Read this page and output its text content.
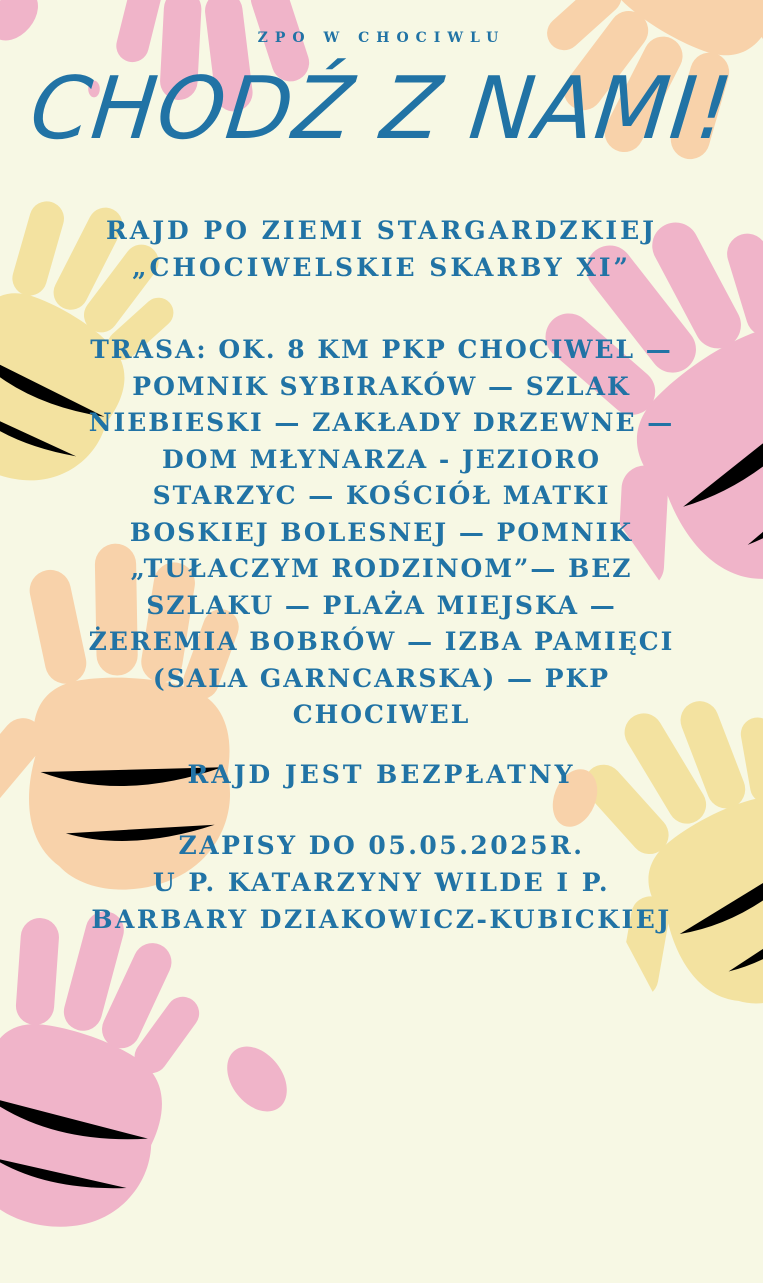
ZPO W CHOCIWLU
CHODŹ Z NAMI!
RAJD PO ZIEMI STARGARDZKIEJ
„CHOCIWELSKIE SKARBY XI”
TRASA: OK. 8 KM PKP CHOCIWEL —
POMNIK SYBIRAKÓW — SZLAK
NIEBIESKI — ZAKŁADY DRZEWNE —
DOM MŁYNARZA - JEZIORO
STARZYC — KOŚCIÓŁ MATKI
BOSKIEJ BOLESNEJ — POMNIK
„TUŁACZYM RODZINOM”— BEZ
SZLAKU — PLAŻA MIEJSKA —
ŻEREMIA BOBRÓW — IZBA PAMIĘCI
(SALA GARNCARSKA) — PKP
CHOCIWEL
RAJD JEST BEZPŁATNY
ZAPISY DO 05.05.2025R.
U P. KATARZYNY WILDE I P.
BARBARY DZIAKOWICZ-KUBICKIEJ
